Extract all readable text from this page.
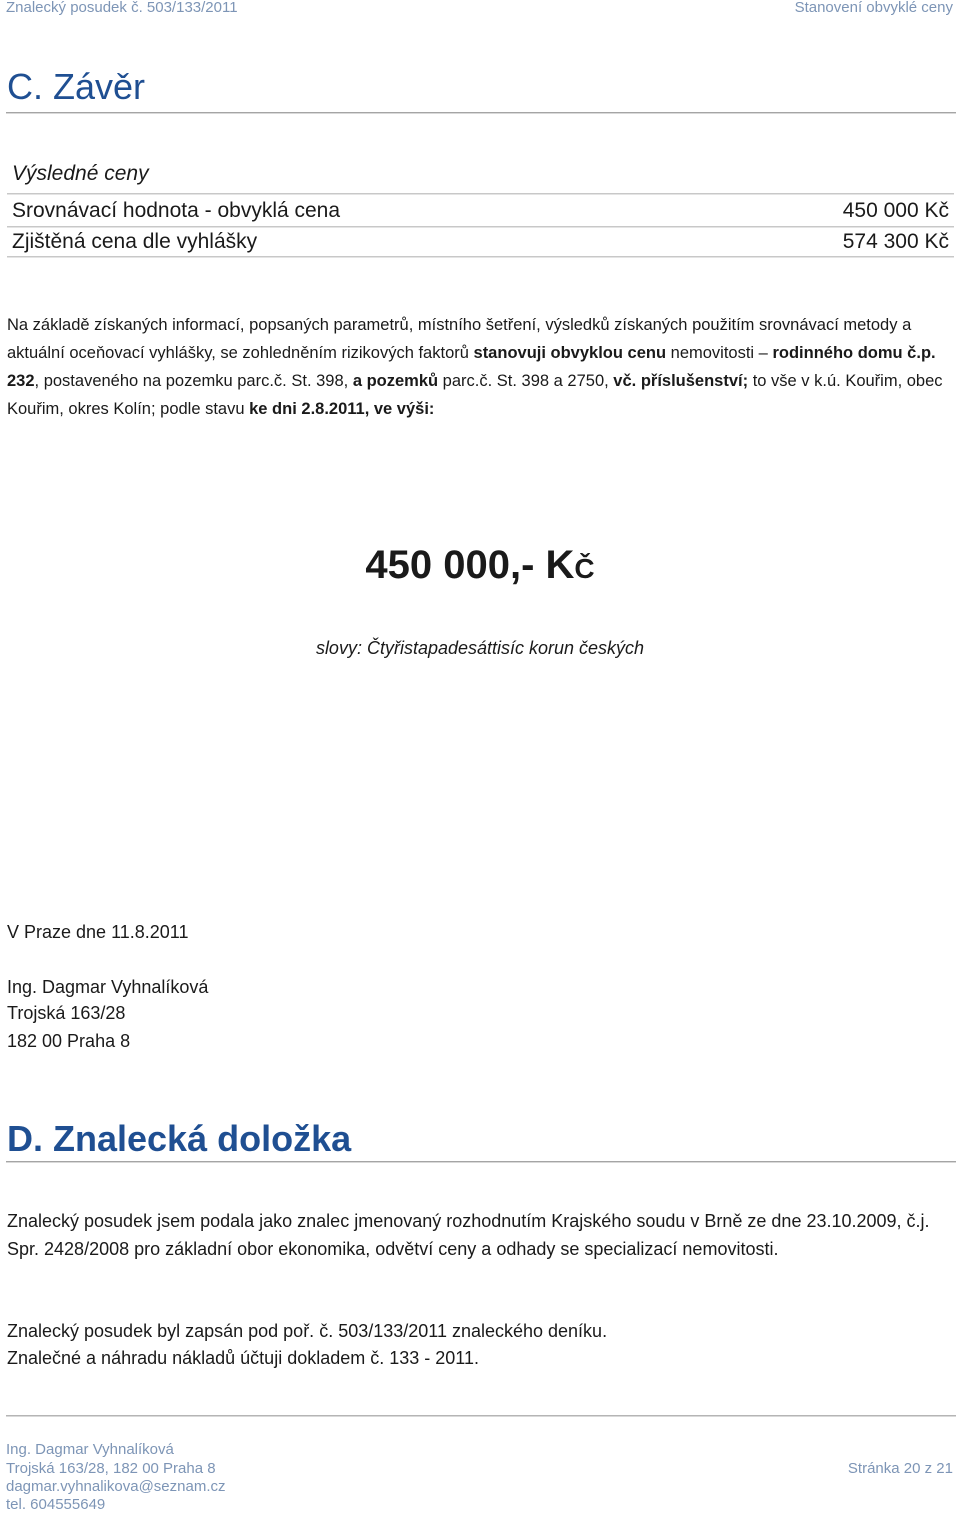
Znalecký posudek č. 503/133/2011	Stanovení obvyklé ceny
C. Závěr
Výsledné ceny
Srovnávací hodnota - obvyklá cena	450 000 Kč
Zjištěná cena dle vyhlášky	574 300 Kč
Na základě získaných informací, popsaných parametrů, místního šetření, výsledků získaných použitím srovnávací metody a aktuální oceňovací vyhlášky, se zohledněním rizikových faktorů stanovuji obvyklou cenu nemovitosti – rodinného domu č.p. 232, postaveného na pozemku parc.č. St. 398, a pozemků parc.č. St. 398 a 2750, vč. příslušenství; to vše v k.ú. Kouřim, obec Kouřim, okres Kolín; podle stavu ke dni 2.8.2011, ve výši:
450 000,- Kč
slovy: Čtyřistapadesáttisíc korun českých
V Praze dne 11.8.2011
Ing. Dagmar Vyhnalíková
Trojská 163/28
182 00 Praha 8
D. Znalecká doložka
Znalecký posudek jsem podala jako znalec jmenovaný rozhodnutím Krajského soudu v Brně ze dne 23.10.2009, č.j. Spr. 2428/2008 pro základní obor ekonomika, odvětví ceny a odhady se specializací nemovitosti.
Znalecký posudek byl zapsán pod poř. č. 503/133/2011 znaleckého deníku.
Znalečné a náhradu nákladů účtuji dokladem č. 133 - 2011.
Ing. Dagmar Vyhnalíková
Trojská 163/28, 182 00 Praha 8
dagmar.vyhnalikova@seznam.cz
tel. 604555649
Stránka 20 z 21
